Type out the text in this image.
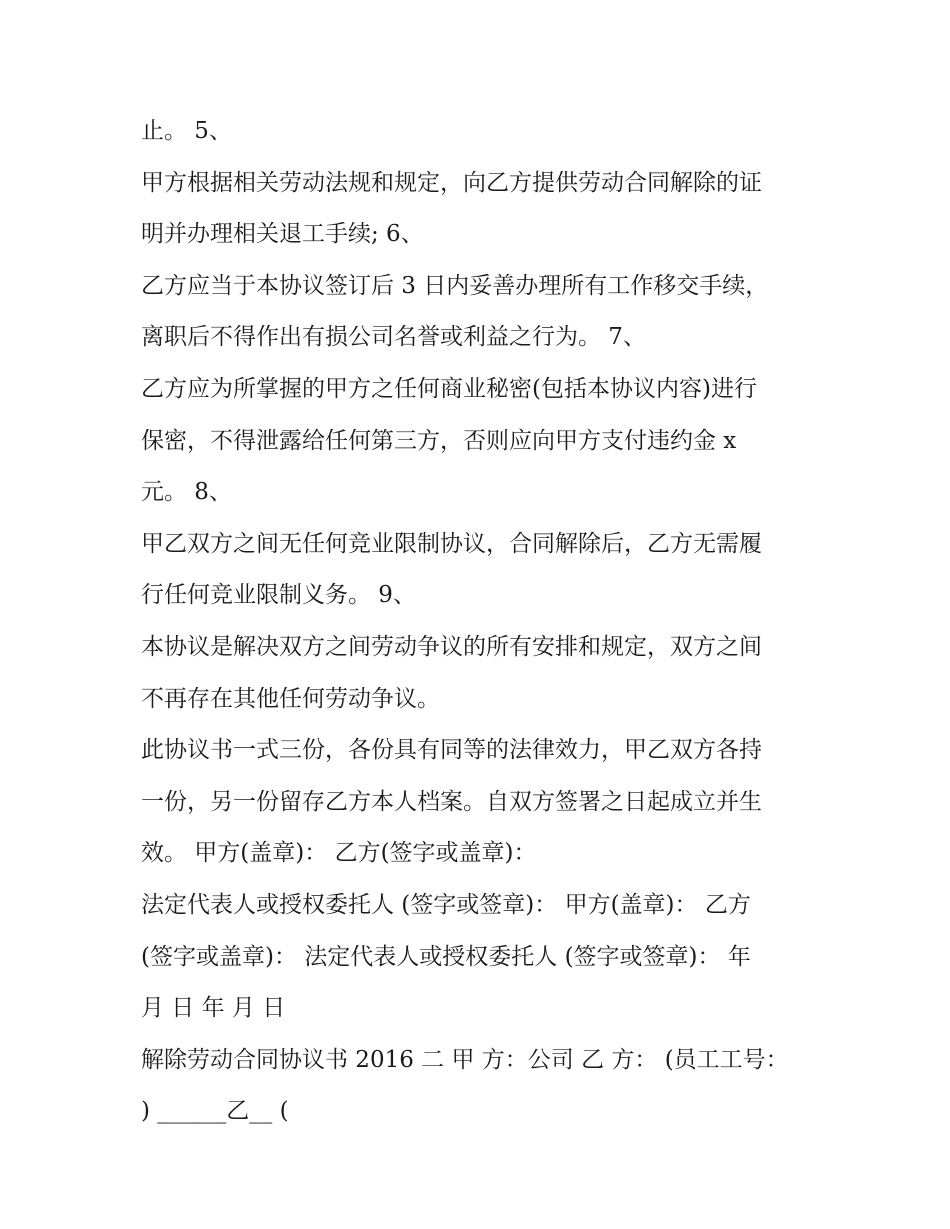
止。 5、
甲方根据相关劳动法规和规定，向乙方提供劳动合同解除的证
明并办理相关退工手续; 6、
乙方应当于本协议签订后 3 日内妥善办理所有工作移交手续，
离职后不得作出有损公司名誉或利益之行为。 7、
乙方应为所掌握的甲方之任何商业秘密(包括本协议内容)进行
保密，不得泄露给任何第三方，否则应向甲方支付违约金 x
元。 8、
甲乙双方之间无任何竞业限制协议，合同解除后，乙方无需履
行任何竞业限制义务。 9、
本协议是解决双方之间劳动争议的所有安排和规定，双方之间
不再存在其他任何劳动争议。
此协议书一式三份，各份具有同等的法律效力，甲乙双方各持
一份，另一份留存乙方本人档案。自双方签署之日起成立并生
效。 甲方(盖章)： 乙方(签字或盖章)：
法定代表人或授权委托人 (签字或签章)： 甲方(盖章)： 乙方
(签字或盖章)： 法定代表人或授权委托人 (签字或签章)： 年
月 日 年 月 日
解除劳动合同协议书 2016 二 甲 方：公司 乙 方： (员工工号：
) ______乙__ (
